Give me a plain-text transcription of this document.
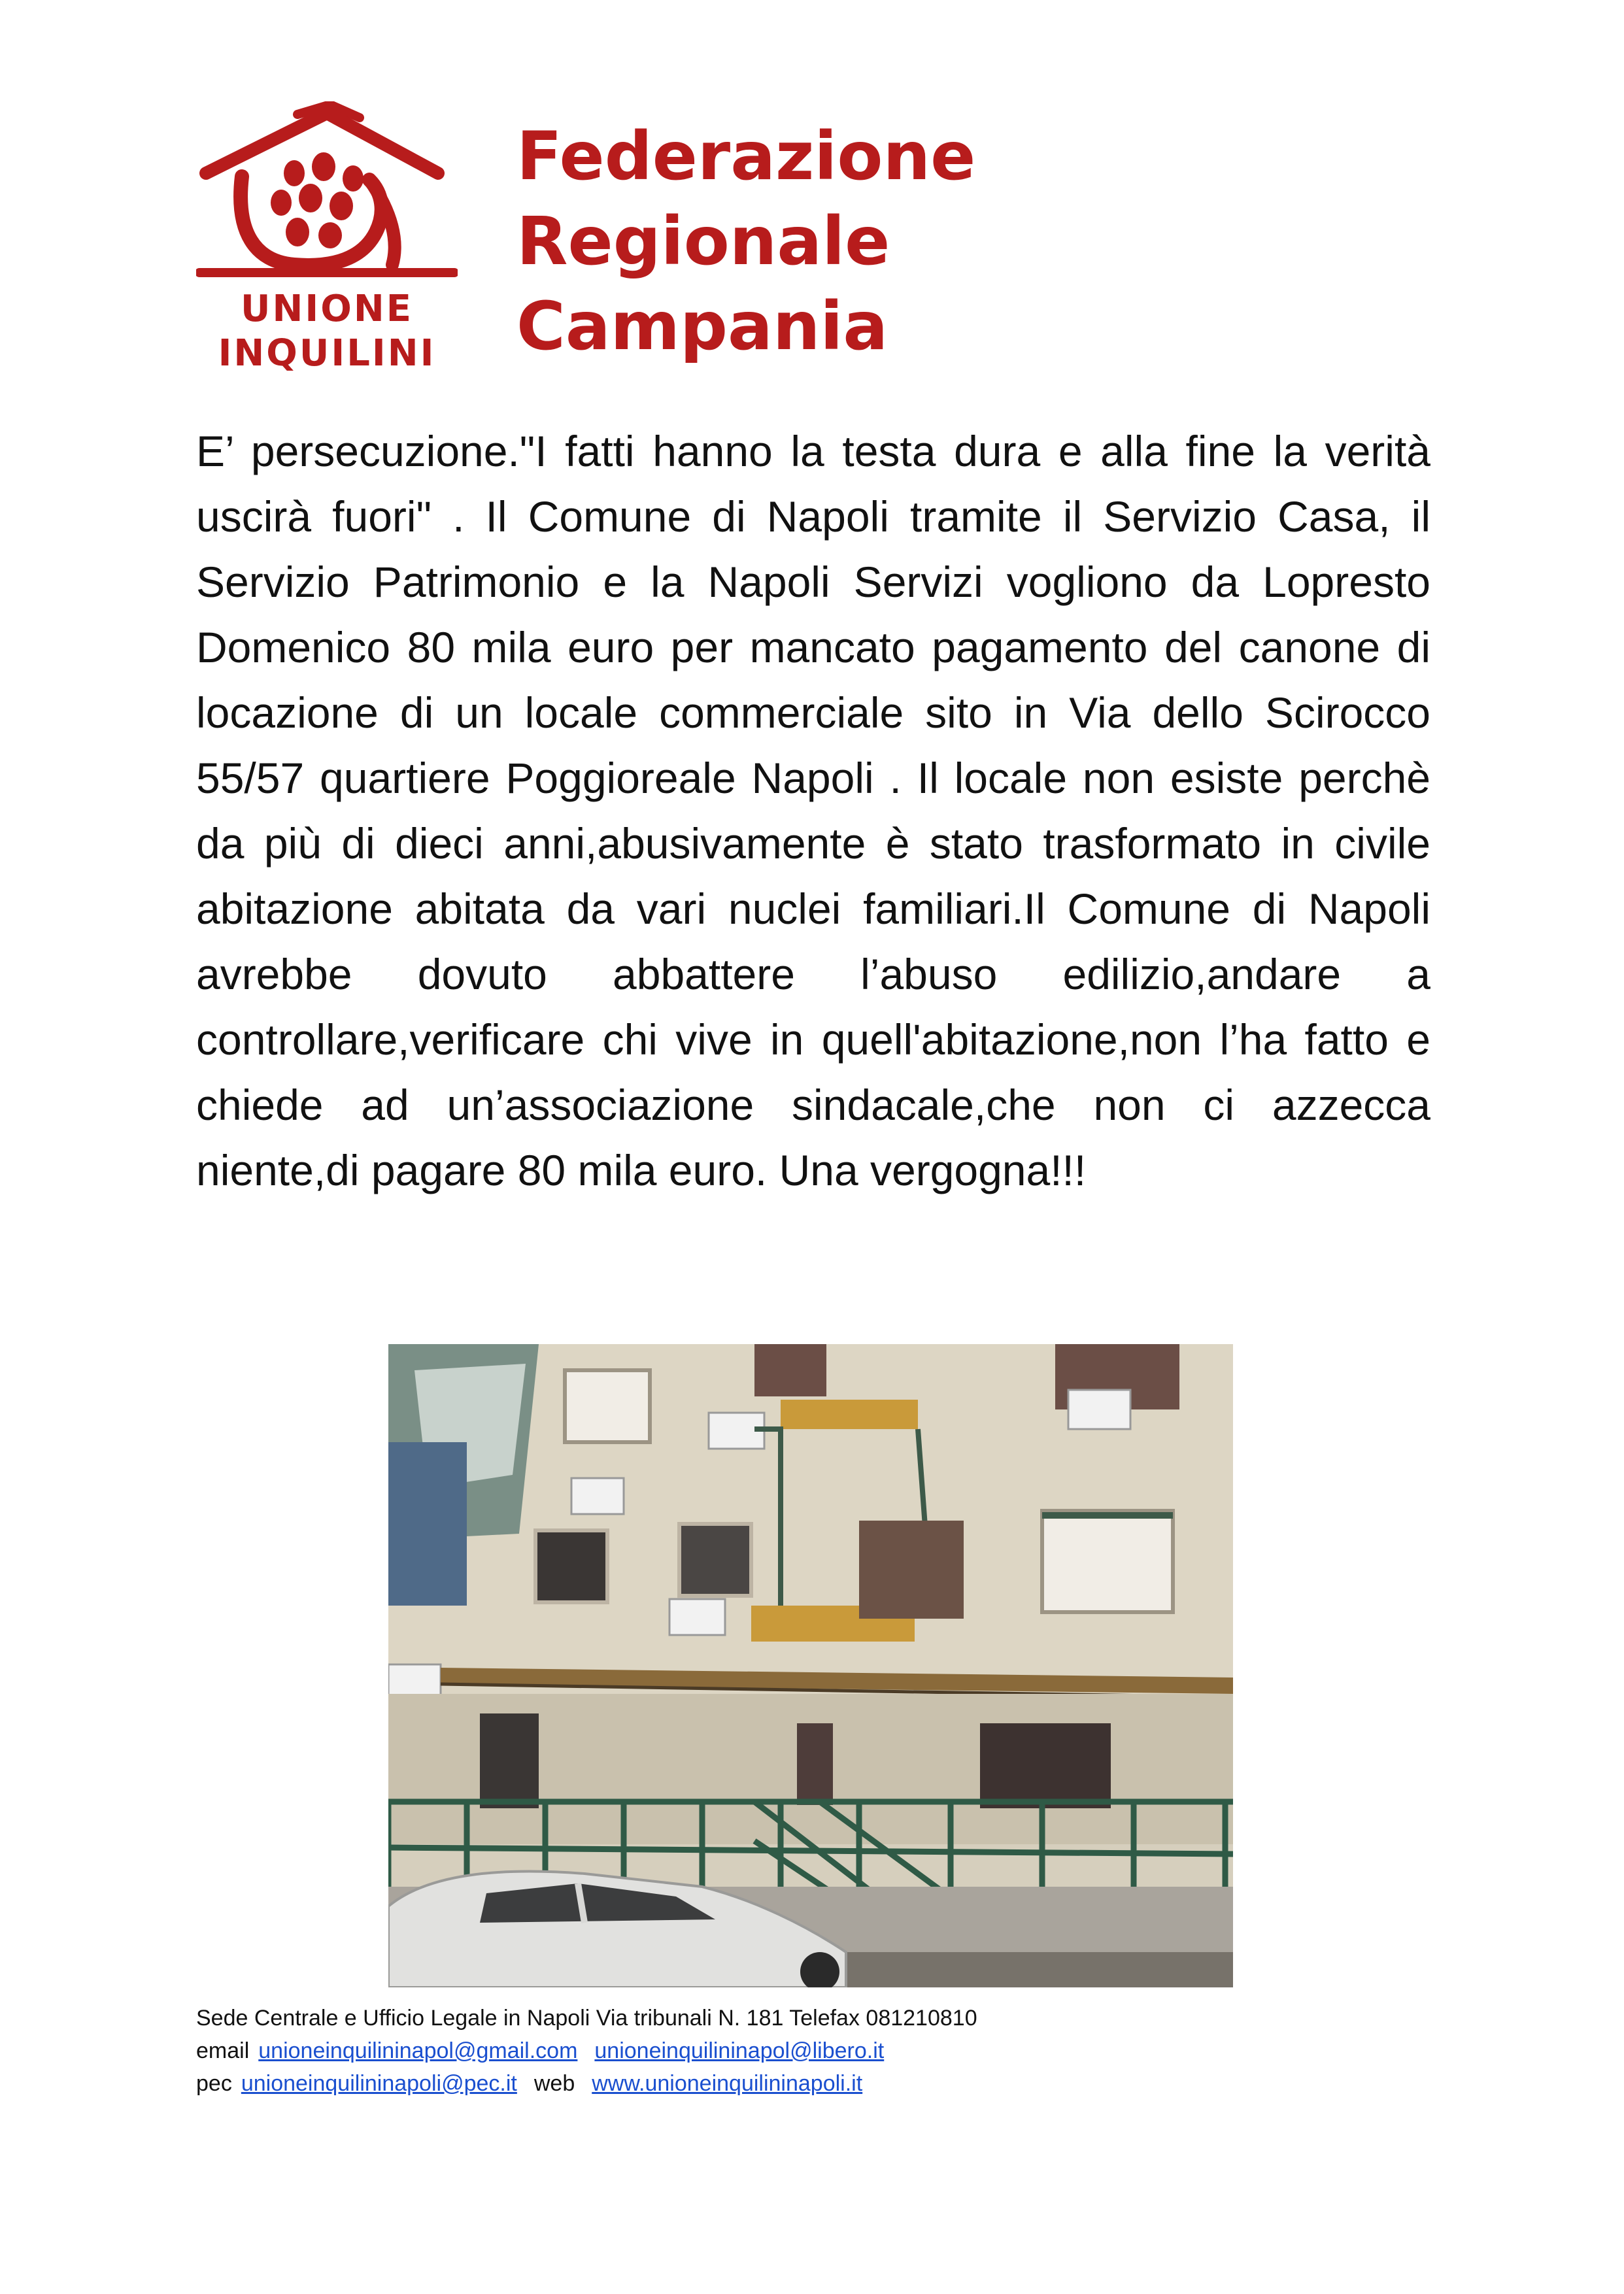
UNIONE
INQUILINI
Federazione
Regionale
Campania
E’ persecuzione."I fatti hanno la testa dura e alla fine la verità uscirà fuori" . Il Comune di Napoli tramite il Servizio Casa, il Servizio Patrimonio e la Napoli Servizi vogliono da Lopresto Domenico 80 mila euro per mancato pagamento del canone di locazione di un locale commerciale sito in Via dello Scirocco 55/57 quartiere Poggioreale Napoli . Il locale non esiste perchè da più di dieci anni,abusivamente è stato trasformato in civile abitazione abitata da vari nuclei familiari.Il Comune di Napoli avrebbe dovuto abbattere l’abuso edilizio,andare a controllare,verificare chi vive in quell'abitazione,non l’ha fatto e chiede ad un’associazione sindacale,che non ci azzecca niente,di pagare 80 mila euro. Una vergogna!!!
Sede Centrale e Ufficio Legale in Napoli Via tribunali N. 181 Telefax 081210810
email unioneinquilininapol@gmail.com unioneinquilininapol@libero.it
pec unioneinquilininapoli@pec.it web www.unioneinquilininapoli.it
